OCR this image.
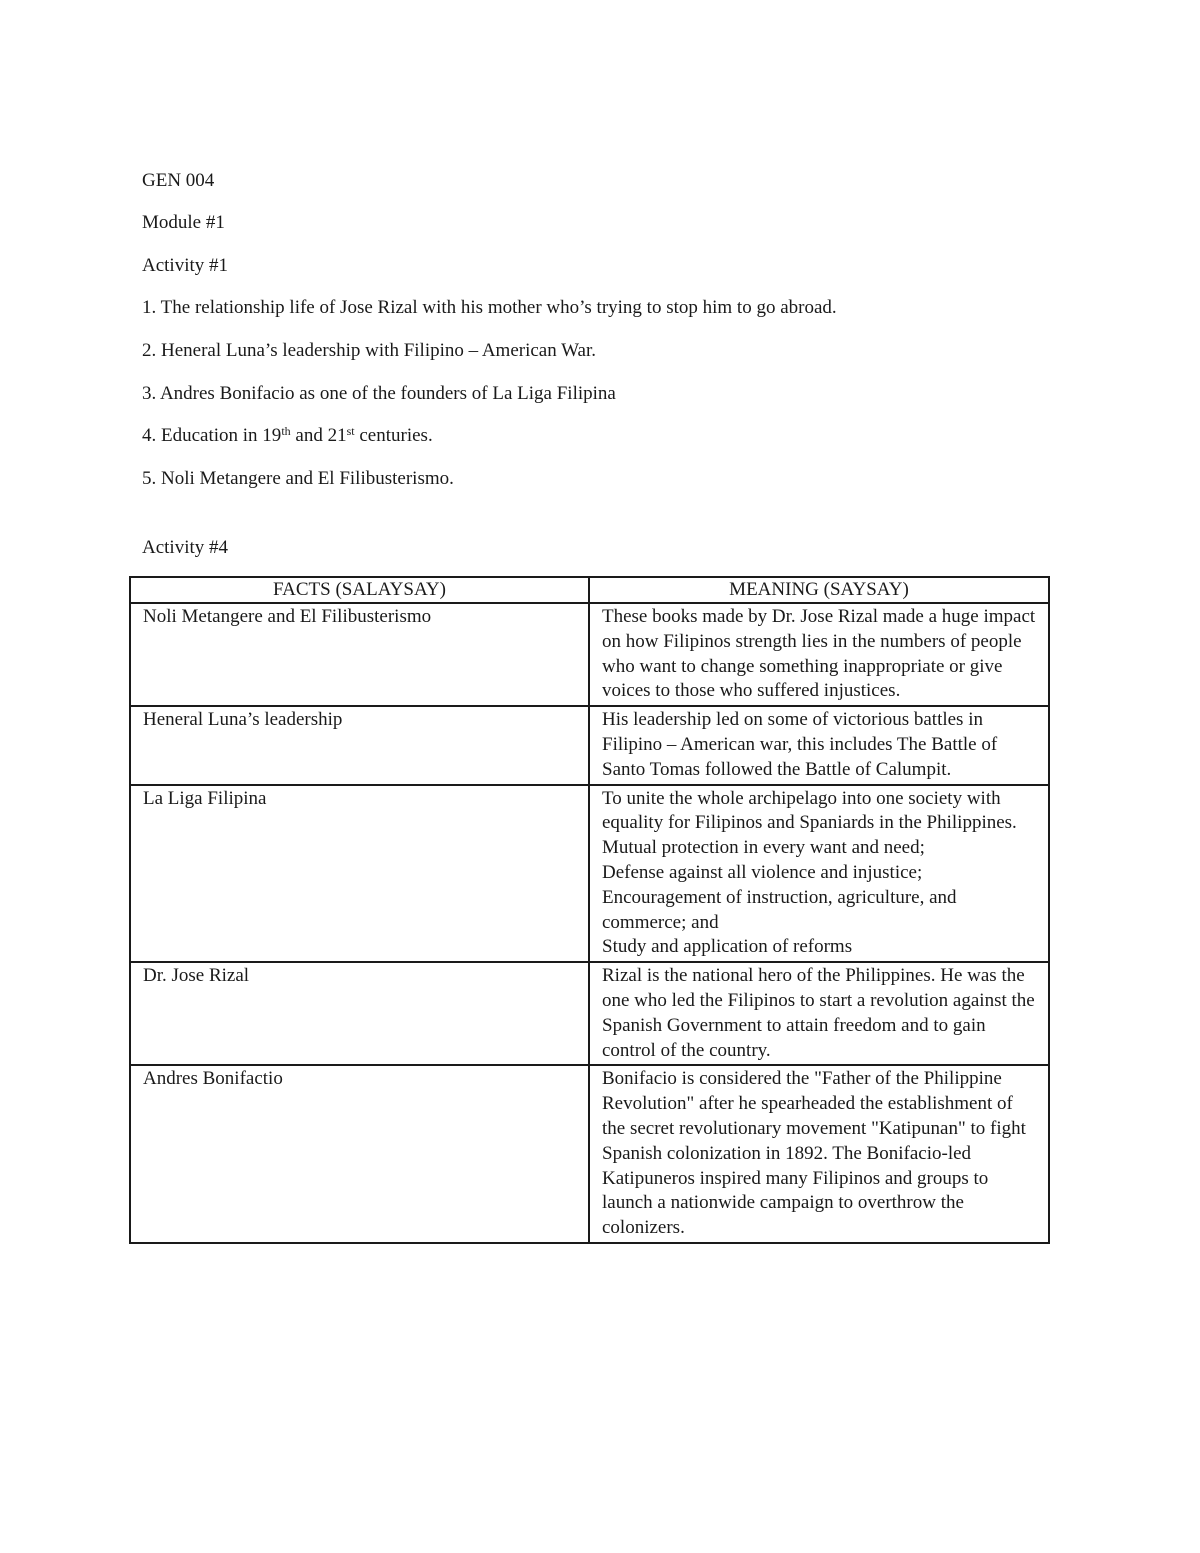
GEN 004
Module #1
Activity #1
1. The relationship life of Jose Rizal with his mother who’s trying to stop him to go abroad.
2. Heneral Luna’s leadership with Filipino – American War.
3. Andres Bonifacio as one of the founders of La Liga Filipina
4. Education in 19th and 21st centuries.
5. Noli Metangere and El Filibusterismo.
Activity #4
FACTS (SALAYSAY)	MEANING (SAYSAY)
Noli Metangere and El Filibusterismo	These books made by Dr. Jose Rizal made a huge impact on how Filipinos strength lies in the numbers of people who want to change something inappropriate or give voices to those who suffered injustices.

Heneral Luna’s leadership	His leadership led on some of victorious battles in Filipino – American war, this includes The Battle of Santo Tomas followed the Battle of Calumpit.

La Liga Filipina	To unite the whole archipelago into one society with equality for Filipinos and Spaniards in the Philippines.
Mutual protection in every want and need;
Defense against all violence and injustice;
Encouragement of instruction, agriculture, and commerce; and
Study and application of reforms

Dr. Jose Rizal	Rizal is the national hero of the Philippines. He was the one who led the Filipinos to start a revolution against the Spanish Government to attain freedom and to gain control of the country.

Andres Bonifactio	Bonifacio is considered the "Father of the Philippine Revolution" after he spearheaded the establishment of the secret revolutionary movement "Katipunan" to fight Spanish colonization in 1892. The Bonifacio-led Katipuneros inspired many Filipinos and groups to launch a nationwide campaign to overthrow the colonizers.
